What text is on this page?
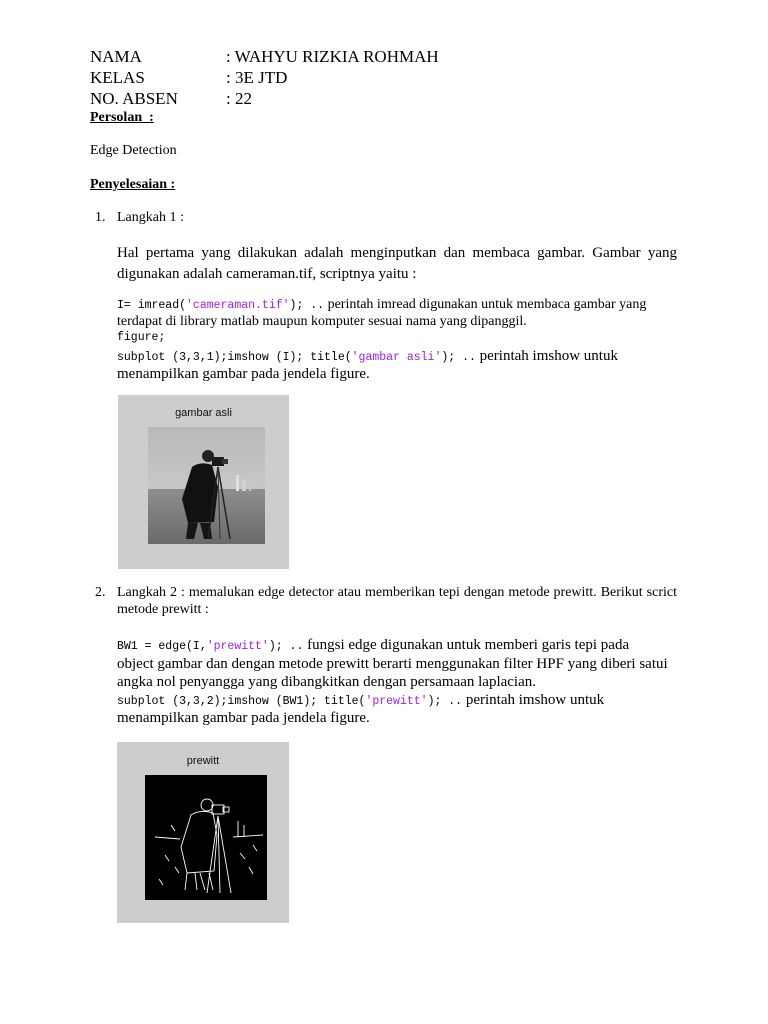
NAMA	: WAHYU RIZKIA ROHMAH
KELAS	: 3E JTD
NO. ABSEN	: 22
Persolan  :
Edge Detection
Penyelesaian :
1. Langkah 1 :
Hal pertama yang dilakukan adalah menginputkan dan membaca gambar. Gambar yang
digunakan adalah cameraman.tif, scriptnya yaitu :
I= imread('cameraman.tif'); .. perintah imread digunakan untuk membaca gambar yang
terdapat di library matlab maupun komputer sesuai nama yang dipanggil.
figure;
subplot (3,3,1);imshow (I); title('gambar asli'); .. perintah imshow untuk
menampilkan gambar pada jendela figure.
gambar asli
2. Langkah 2 : memalukan edge detector atau memberikan tepi dengan metode prewitt. Berikut scrict
metode prewitt :
BW1 = edge(I,'prewitt'); .. fungsi edge digunakan untuk memberi garis tepi pada
object gambar dan dengan metode prewitt berarti menggunakan filter HPF yang diberi satui
angka nol penyangga yang dibangkitkan dengan persamaan laplacian.
subplot (3,3,2);imshow (BW1); title('prewitt'); .. perintah imshow untuk
menampilkan gambar pada jendela figure.
prewitt
